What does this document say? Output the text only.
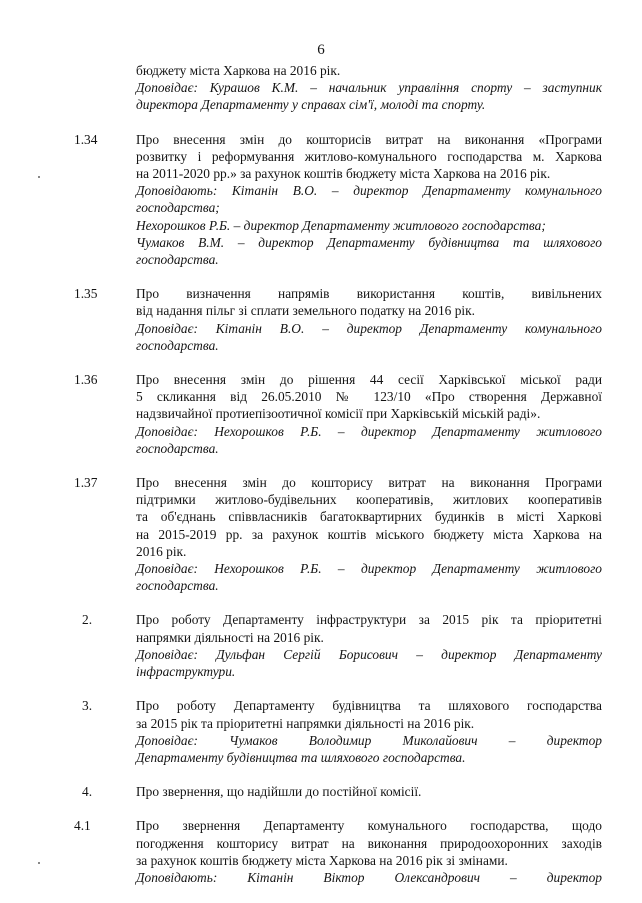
6
бюджету міста Харкова на 2016 рік.
Доповідає: Курашов К.М. – начальник управління спорту – заступник
директора Департаменту у справах сім'ї, молоді та спорту.
1.34	Про внесення змін до кошторисів витрат на виконання «Програми
розвитку і реформування житлово-комунального господарства м. Харкова
на 2011-2020 рр.» за рахунок коштів бюджету міста Харкова на 2016 рік.
Доповідають: Кітанін В.О. – директор Департаменту комунального
господарства;
Нехорошков Р.Б. – директор Департаменту житлового господарства;
Чумаков В.М. – директор Департаменту будівництва та шляхового
господарства.
1.35	Про визначення напрямів використання коштів, вивільнених
від надання пільг зі сплати земельного податку на 2016 рік.
Доповідає: Кітанін В.О. – директор Департаменту комунального
господарства.
1.36	Про внесення змін до рішення 44 сесії Харківської міської ради
5 скликання від 26.05.2010 № 123/10 «Про створення Державної
надзвичайної протиепізоотичної комісії при Харківській міській раді».
Доповідає: Нехорошков Р.Б. – директор Департаменту житлового
господарства.
1.37	Про внесення змін до кошторису витрат на виконання Програми
підтримки житлово-будівельних кооперативів, житлових кооперативів
та об'єднань співвласників багатоквартирних будинків в місті Харкові
на 2015-2019 рр. за рахунок коштів міського бюджету міста Харкова на
2016 рік.
Доповідає: Нехорошков Р.Б. – директор Департаменту житлового
господарства.
2.	Про роботу Департаменту інфраструктури за 2015 рік та пріоритетні
напрямки діяльності на 2016 рік.
Доповідає: Дульфан Сергій Борисович – директор Департаменту
інфраструктури.
3.	Про роботу Департаменту будівництва та шляхового господарства
за 2015 рік та пріоритетні напрямки діяльності на 2016 рік.
Доповідає: Чумаков Володимир Миколайович – директор
Департаменту будівництва та шляхового господарства.
4.	Про звернення, що надійшли до постійної комісії.
4.1	Про звернення Департаменту комунального господарства, щодо
погодження кошторису витрат на виконання природоохоронних заходів
за рахунок коштів бюджету міста Харкова на 2016 рік зі змінами.
Доповідають: Кітанін Віктор Олександрович – директор
